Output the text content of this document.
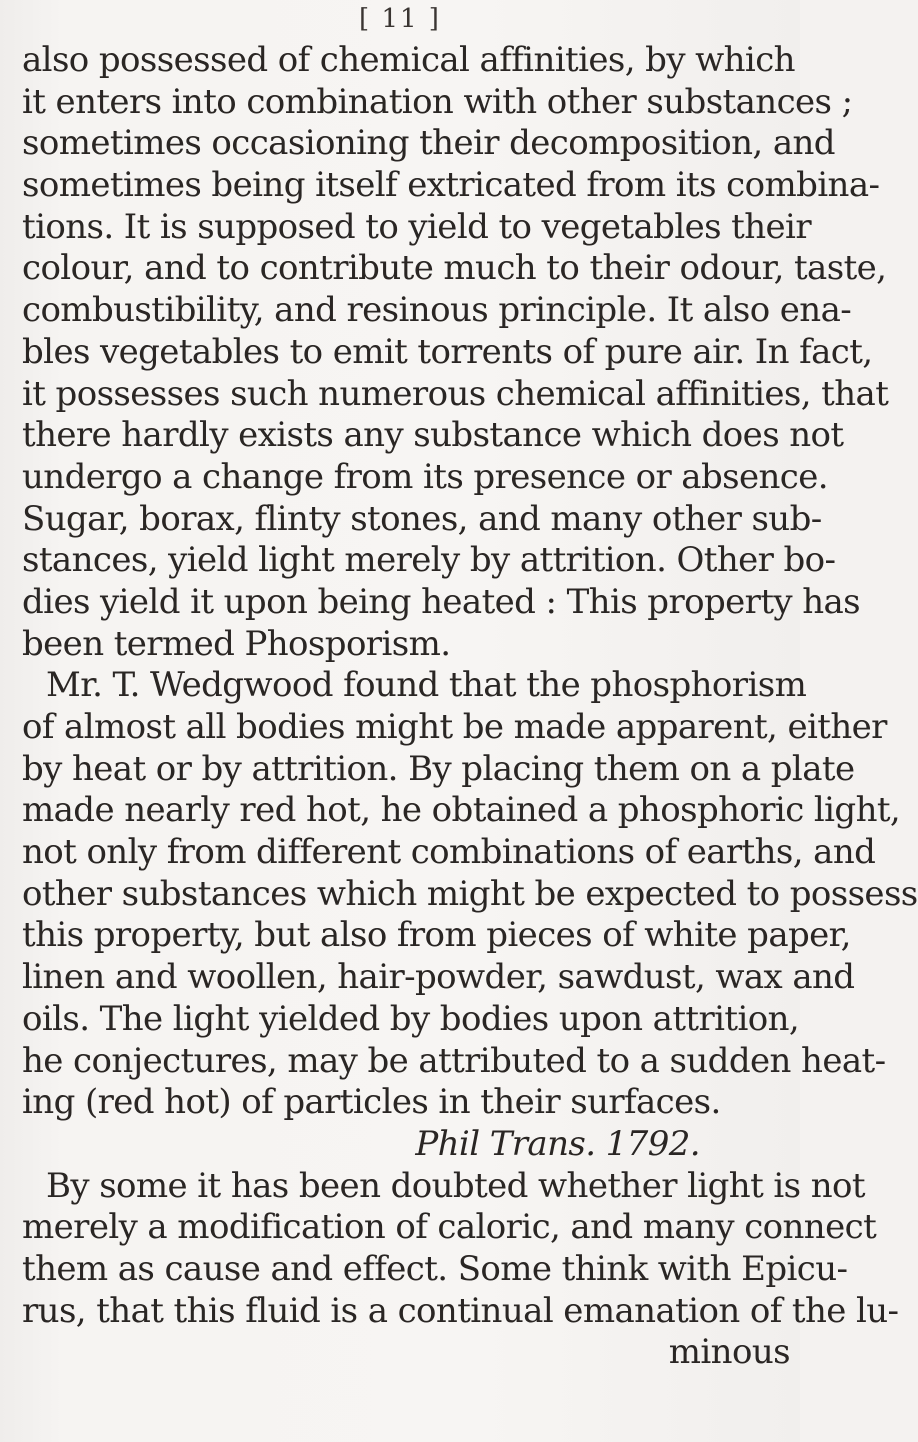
[ 11 ]
also possessed of chemical affinities, by which
it enters into combination with other substances ;
sometimes occasioning their decomposition, and
sometimes being itself extricated from its combina-
tions. It is supposed to yield to vegetables their
colour, and to contribute much to their odour, taste,
combustibility, and resinous principle. It also ena-
bles vegetables to emit torrents of pure air. In fact,
it possesses such numerous chemical affinities, that
there hardly exists any substance which does not
undergo a change from its presence or absence.
Sugar, borax, flinty stones, and many other sub-
stances, yield light merely by attrition. Other bo-
dies yield it upon being heated : This property has
been termed Phosporism.
Mr. T. Wedgwood found that the phosphorism
of almost all bodies might be made apparent, either
by heat or by attrition. By placing them on a plate
made nearly red hot, he obtained a phosphoric light,
not only from different combinations of earths, and
other substances which might be expected to possess
this property, but also from pieces of white paper,
linen and woollen, hair-powder, sawdust, wax and
oils. The light yielded by bodies upon attrition,
he conjectures, may be attributed to a sudden heat-
ing (red hot) of particles in their surfaces.
Phil Trans. 1792.
By some it has been doubted whether light is not
merely a modification of caloric, and many connect
them as cause and effect. Some think with Epicu-
rus, that this fluid is a continual emanation of the lu-
minous
